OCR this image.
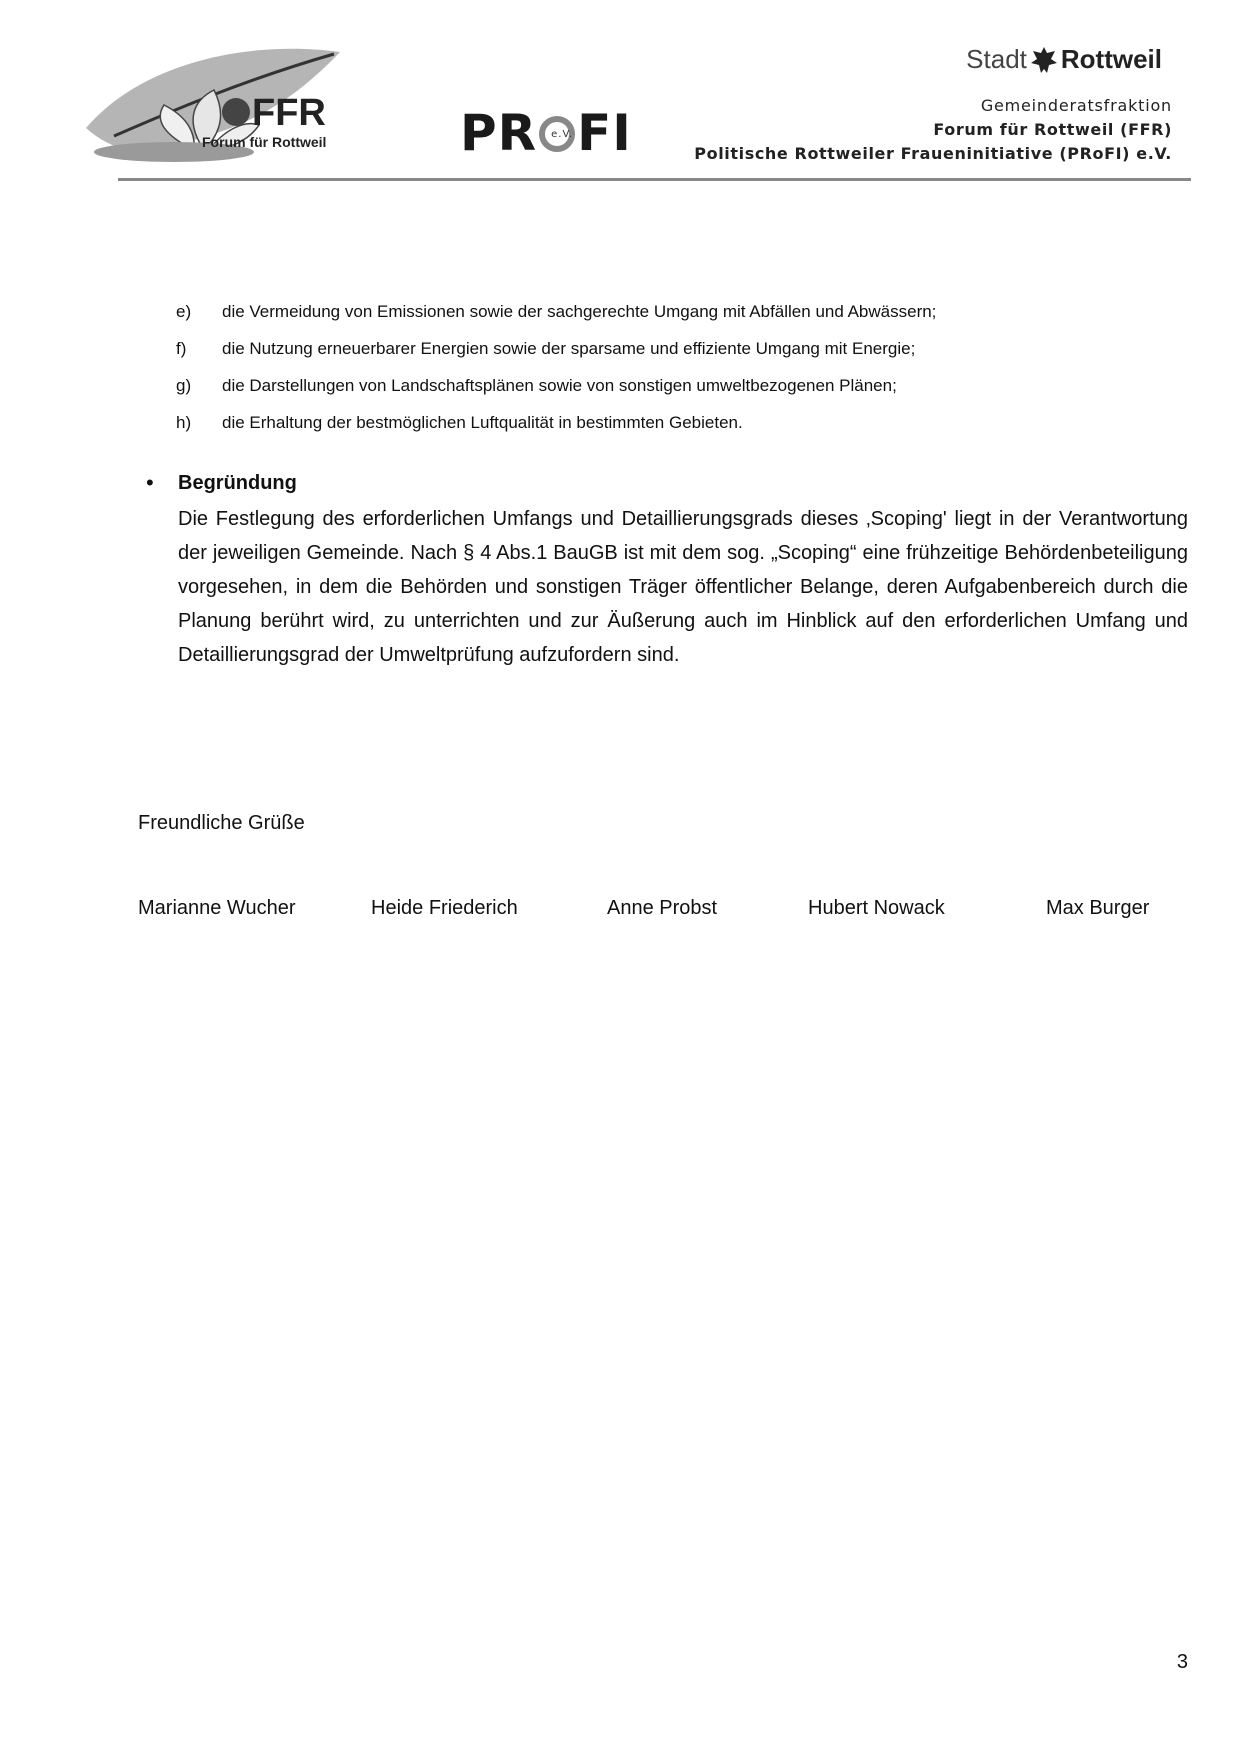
FFR
Forum für Rottweil	PR e.V. FI
Stadt Rottweil
Gemeinderatsfraktion
Forum für Rottweil (FFR)
Politische Rottweiler Fraueninitiative (PRoFI) e.V.
e) die Vermeidung von Emissionen sowie der sachgerechte Umgang mit Abfällen und Abwässern;
f) die Nutzung erneuerbarer Energien sowie der sparsame und effiziente Umgang mit Energie;
g) die Darstellungen von Landschaftsplänen sowie von sonstigen umweltbezogenen Plänen;
h) die Erhaltung der bestmöglichen Luftqualität in bestimmten Gebieten.
• Begründung
Die Festlegung des erforderlichen Umfangs und Detaillierungsgrads dieses ‚Scoping' liegt in der Verantwortung der jeweiligen Gemeinde. Nach § 4 Abs.1 BauGB ist mit dem sog. „Scoping“ eine frühzeitige Behördenbeteiligung vorgesehen, in dem die Behörden und sonstigen Träger öffentlicher Belange, deren Aufgabenbereich durch die Planung berührt wird, zu unterrichten und zur Äußerung auch im Hinblick auf den erforderlichen Umfang und Detaillierungsgrad der Umweltprüfung aufzufordern sind.
Freundliche Grüße
Marianne Wucher	Heide Friederich	Anne Probst	Hubert Nowack	Max Burger
3
